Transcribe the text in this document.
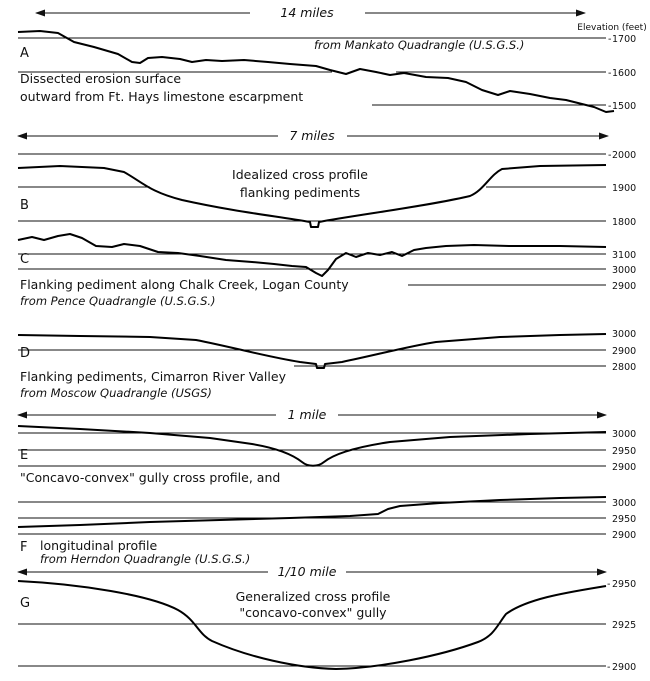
14 miles
Elevation (feet)
A
from Mankato Quadrangle (U.S.G.S.)
Dissected erosion surface
outward from Ft. Hays limestone escarpment
1700
1600
1500
-
-
-
7 miles
B
Idealized cross profile
flanking pediments
2000
1900
1800
-
C
Flanking pediment along Chalk Creek, Logan County
from Pence Quadrangle (U.S.G.S.)
3100
3000
2900
D
Flanking pediments, Cimarron River Valley
from Moscow Quadrangle (USGS)
3000
2900
2800
1 mile
E
"Concavo-convex" gully cross profile, and
3000
2950
2900
F longitudinal profile
from Herndon Quadrangle (U.S.G.S.)
3000
2950
2900
1/10 mile
G	Generalized cross profile
"concavo-convex" gully
2950
2925
2900
-
-
